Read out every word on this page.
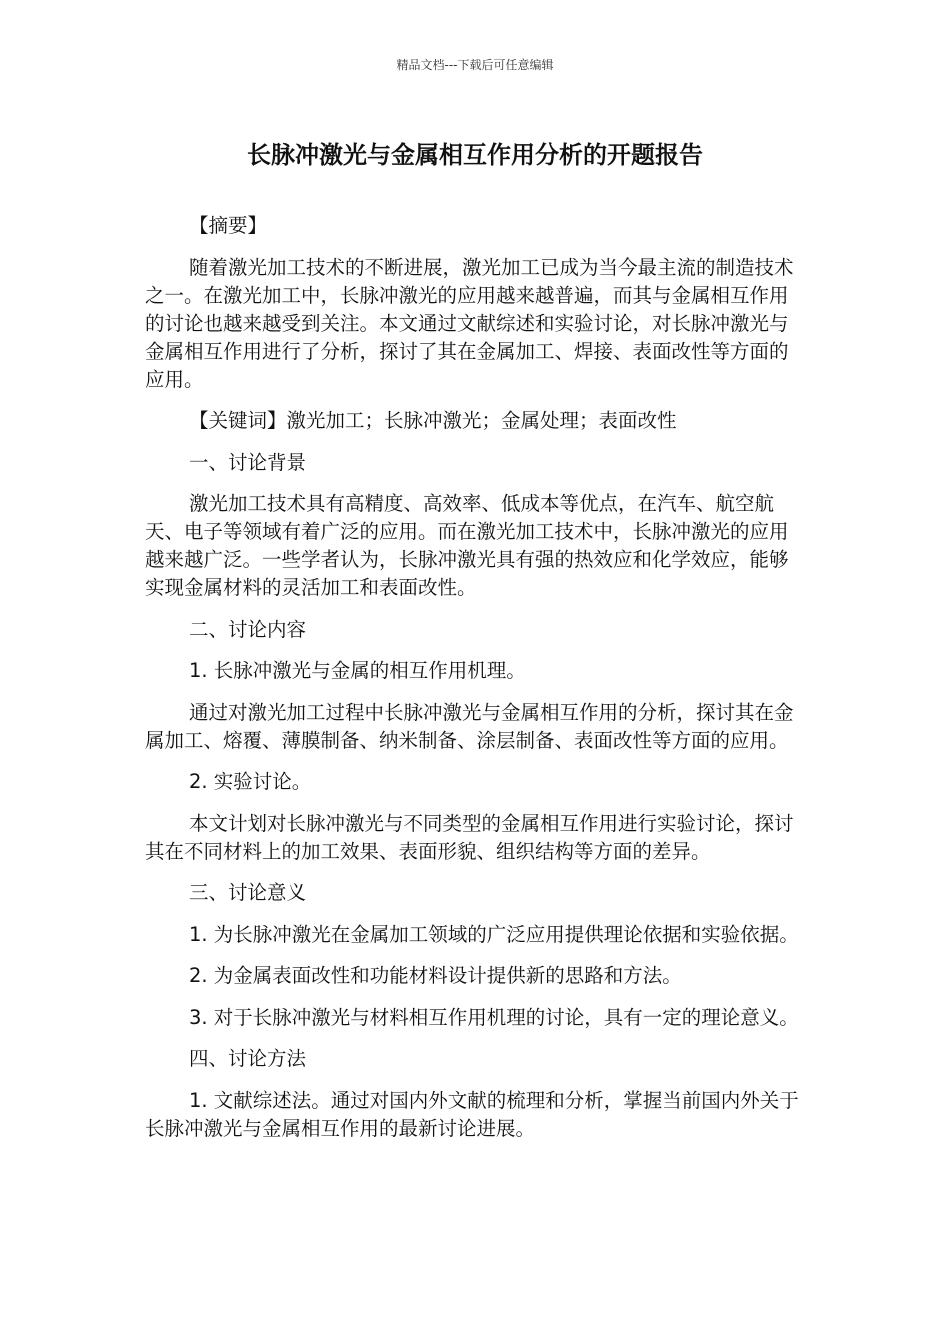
精品文档---下载后可任意编辑
长脉冲激光与金属相互作用分析的开题报告

【摘要】

随着激光加工技术的不断进展，激光加工已成为当今最主流的制造技术之一。在激光加工中，长脉冲激光的应用越来越普遍，而其与金属相互作用的讨论也越来越受到关注。本文通过文献综述和实验讨论，对长脉冲激光与金属相互作用进行了分析，探讨了其在金属加工、焊接、表面改性等方面的应用。

【关键词】激光加工；长脉冲激光；金属处理；表面改性

一、讨论背景

激光加工技术具有高精度、高效率、低成本等优点，在汽车、航空航天、电子等领域有着广泛的应用。而在激光加工技术中，长脉冲激光的应用越来越广泛。一些学者认为，长脉冲激光具有强的热效应和化学效应，能够实现金属材料的灵活加工和表面改性。

二、讨论内容

1. 长脉冲激光与金属的相互作用机理。

通过对激光加工过程中长脉冲激光与金属相互作用的分析，探讨其在金属加工、熔覆、薄膜制备、纳米制备、涂层制备、表面改性等方面的应用。

2. 实验讨论。

本文计划对长脉冲激光与不同类型的金属相互作用进行实验讨论，探讨其在不同材料上的加工效果、表面形貌、组织结构等方面的差异。

三、讨论意义

1. 为长脉冲激光在金属加工领域的广泛应用提供理论依据和实验依据。

2. 为金属表面改性和功能材料设计提供新的思路和方法。

3. 对于长脉冲激光与材料相互作用机理的讨论，具有一定的理论意义。

四、讨论方法

1. 文献综述法。通过对国内外文献的梳理和分析，掌握当前国内外关于长脉冲激光与金属相互作用的最新讨论进展。
